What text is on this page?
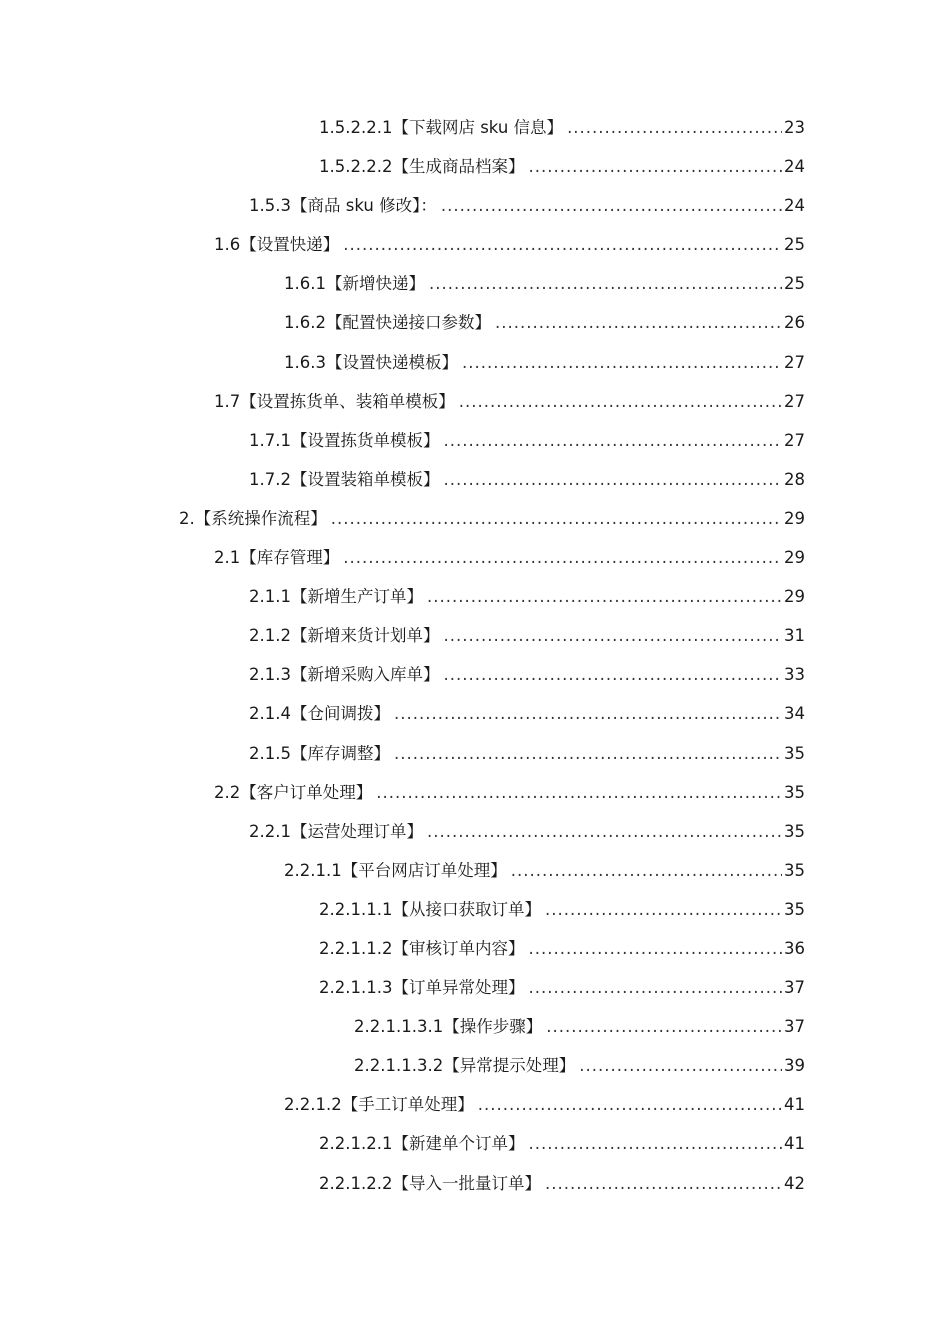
1.5.2.2.1【下载网店 sku 信息】 .....	23
1.5.2.2.2【生成商品档案】 .....	24
1.5.3【商品 sku 修改】： .....	24
1.6【设置快递】 .....	25
1.6.1【新增快递】 .....	25
1.6.2【配置快递接口参数】 .....	26
1.6.3【设置快递模板】 .....	27
1.7【设置拣货单、装箱单模板】 .....	27
1.7.1【设置拣货单模板】 .....	27
1.7.2【设置装箱单模板】 .....	28
2.【系统操作流程】 .....	29
2.1【库存管理】 .....	29
2.1.1【新增生产订单】 .....	29
2.1.2【新增来货计划单】 .....	31
2.1.3【新增采购入库单】 .....	33
2.1.4【仓间调拨】 .....	34
2.1.5【库存调整】 .....	35
2.2【客户订单处理】 .....	35
2.2.1【运营处理订单】 .....	35
2.2.1.1【平台网店订单处理】 .....	35
2.2.1.1.1【从接口获取订单】 .....	35
2.2.1.1.2【审核订单内容】 .....	36
2.2.1.1.3【订单异常处理】 .....	37
2.2.1.1.3.1【操作步骤】 .....	37
2.2.1.1.3.2【异常提示处理】 .....	39
2.2.1.2【手工订单处理】 .....	41
2.2.1.2.1【新建单个订单】 .....	41
2.2.1.2.2【导入一批量订单】 .....	42
